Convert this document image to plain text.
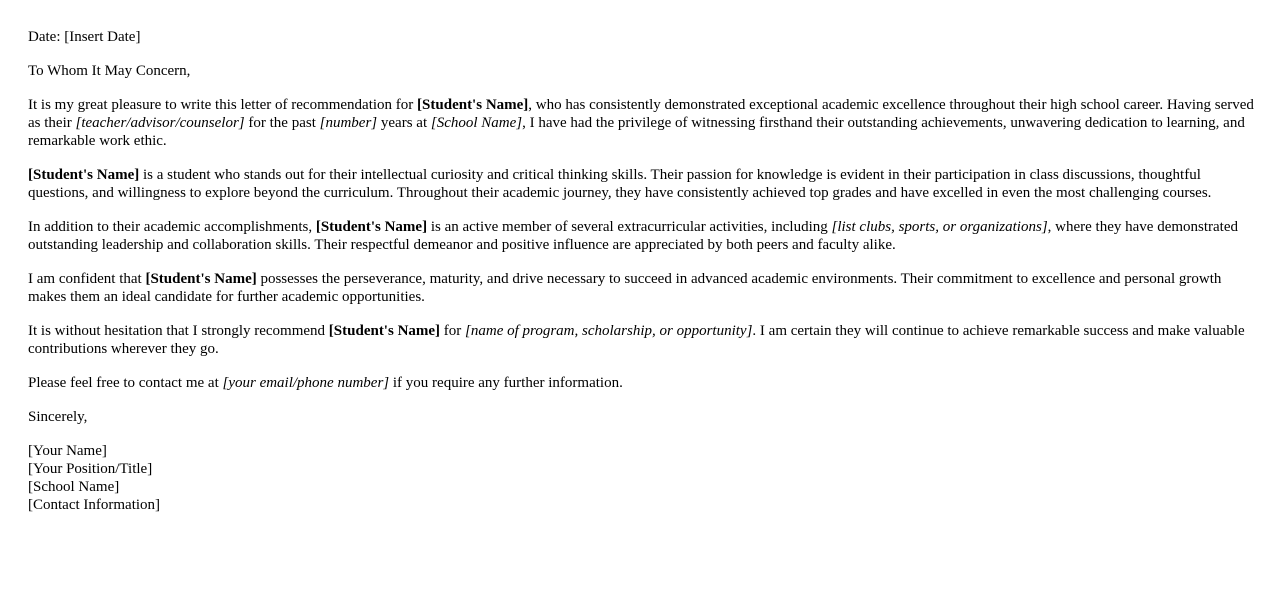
Date: [Insert Date]

To Whom It May Concern,

It is my great pleasure to write this letter of recommendation for [Student's Name], who has consistently demonstrated exceptional academic excellence throughout their high school career. Having served as their [teacher/advisor/counselor] for the past [number] years at [School Name], I have had the privilege of witnessing firsthand their outstanding achievements, unwavering dedication to learning, and remarkable work ethic.

[Student's Name] is a student who stands out for their intellectual curiosity and critical thinking skills. Their passion for knowledge is evident in their participation in class discussions, thoughtful questions, and willingness to explore beyond the curriculum. Throughout their academic journey, they have consistently achieved top grades and have excelled in even the most challenging courses.

In addition to their academic accomplishments, [Student's Name] is an active member of several extracurricular activities, including [list clubs, sports, or organizations], where they have demonstrated outstanding leadership and collaboration skills. Their respectful demeanor and positive influence are appreciated by both peers and faculty alike.

I am confident that [Student's Name] possesses the perseverance, maturity, and drive necessary to succeed in advanced academic environments. Their commitment to excellence and personal growth makes them an ideal candidate for further academic opportunities.

It is without hesitation that I strongly recommend [Student's Name] for [name of program, scholarship, or opportunity]. I am certain they will continue to achieve remarkable success and make valuable contributions wherever they go.

Please feel free to contact me at [your email/phone number] if you require any further information.

Sincerely,

[Your Name]
[Your Position/Title]
[School Name]
[Contact Information]
